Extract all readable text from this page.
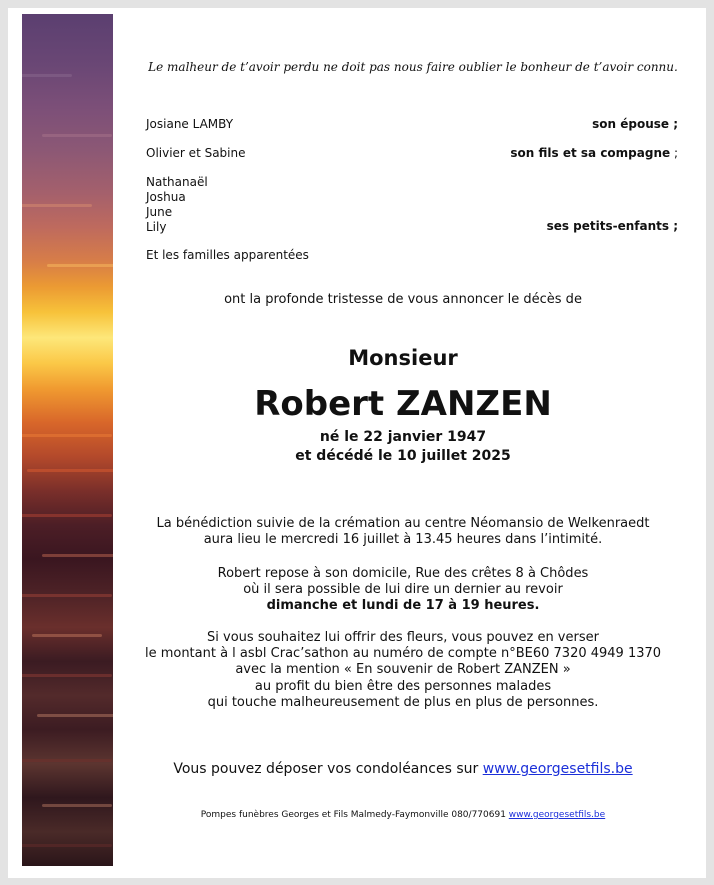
Le malheur de t’avoir perdu ne doit pas nous faire oublier le bonheur de t’avoir connu.
Josiane LAMBY	son épouse ;
Olivier et Sabine	son fils et sa compagne ;
Nathanaël
Joshua
June
Lily	ses petits-enfants ;
Et les familles apparentées
ont la profonde tristesse de vous annoncer le décès de
Monsieur
Robert ZANZEN
né le 22 janvier 1947
et décédé le 10 juillet 2025
La bénédiction suivie de la crémation au centre Néomansio de Welkenraedt
aura lieu le mercredi 16 juillet à 13.45 heures dans l’intimité.
Robert repose à son domicile, Rue des crêtes 8 à Chôdes
où il sera possible de lui dire un dernier au revoir
dimanche et lundi de 17 à 19 heures.
Si vous souhaitez lui offrir des fleurs, vous pouvez en verser
le montant à l asbl Crac’sathon au numéro de compte n°BE60 7320 4949 1370
avec la mention « En souvenir de Robert ZANZEN »
au profit du bien être des personnes malades
qui touche malheureusement de plus en plus de personnes.
Vous pouvez déposer vos condoléances sur www.georgesetfils.be
Pompes funèbres Georges et Fils Malmedy-Faymonville 080/770691 www.georgesetfils.be
